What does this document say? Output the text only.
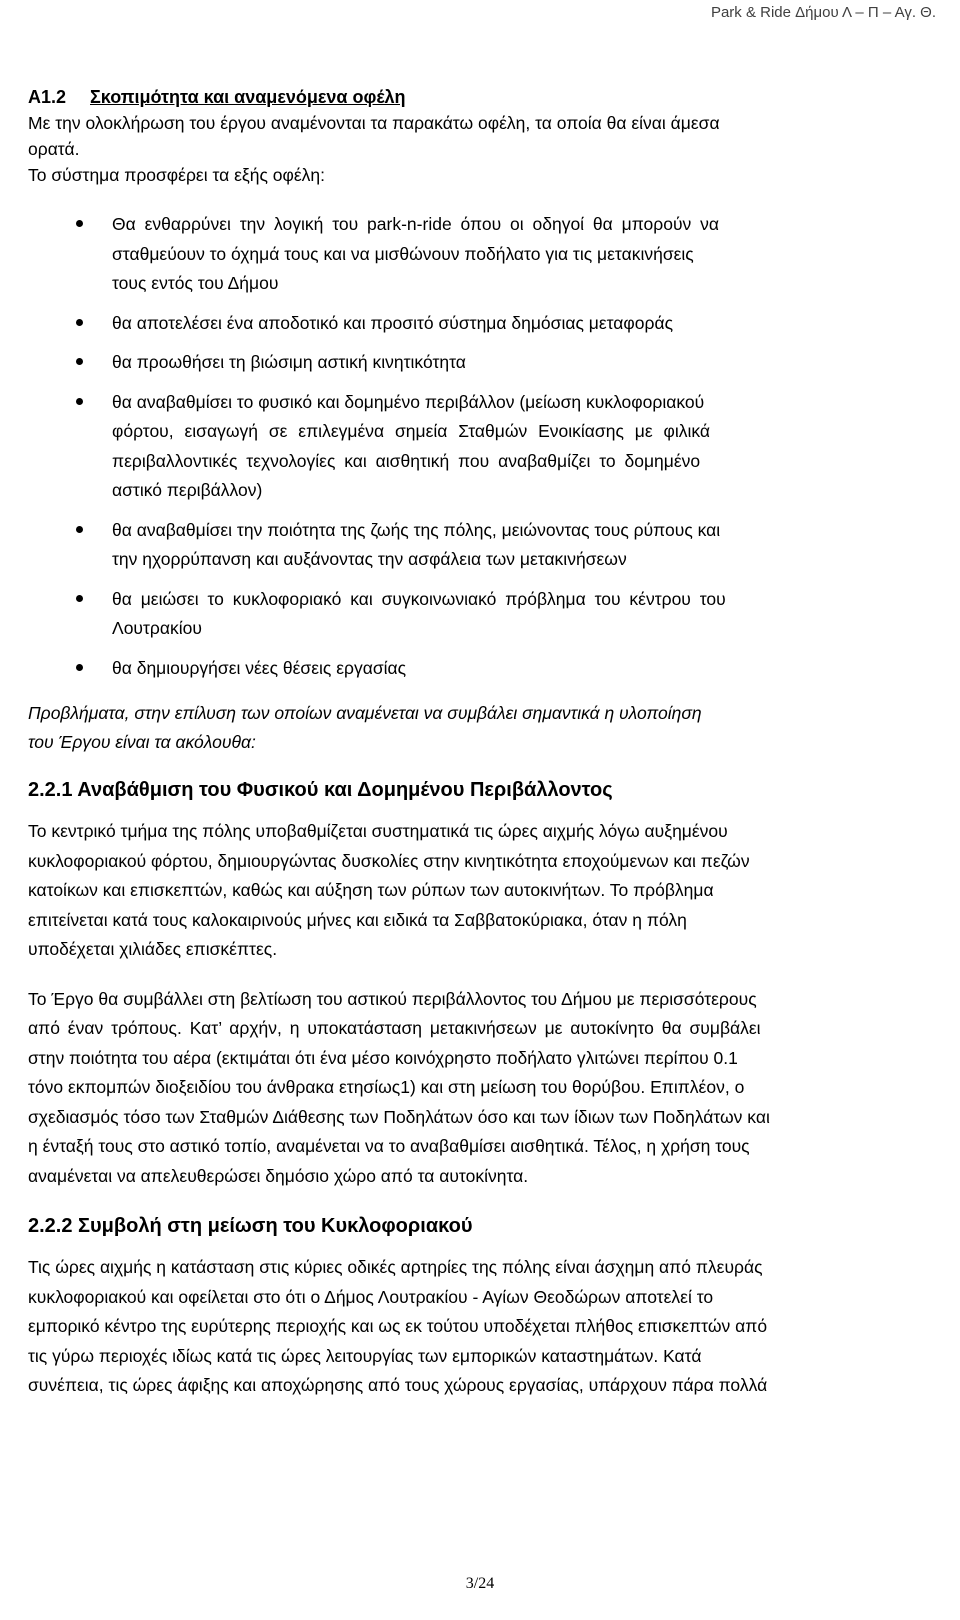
Park & Ride Δήμου Λ – Π – Αγ. Θ.

Α1.2 Σκοπιμότητα και αναμενόμενα οφέλη

Με την ολοκλήρωση του έργου αναμένονται τα παρακάτω οφέλη, τα οποία θα είναι άμεσα

ορατά.

Το σύστημα προσφέρει τα εξής οφέλη:

Θα ενθαρρύνει την λογική του park-n-ride όπου οι οδηγοί θα μπορούν να

σταθμεύουν το όχημά τους και να μισθώνουν ποδήλατο για τις μετακινήσεις

τους εντός του Δήμου

θα αποτελέσει ένα αποδοτικό και προσιτό σύστημα δημόσιας μεταφοράς

θα προωθήσει τη βιώσιμη αστική κινητικότητα

θα αναβαθμίσει το φυσικό και δομημένο περιβάλλον (μείωση κυκλοφοριακού

φόρτου, εισαγωγή σε επιλεγμένα σημεία Σταθμών Ενοικίασης με φιλικά

περιβαλλοντικές τεχνολογίες και αισθητική που αναβαθμίζει το δομημένο

αστικό περιβάλλον)

θα αναβαθμίσει την ποιότητα της ζωής της πόλης, μειώνοντας τους ρύπους και

την ηχορρύπανση και αυξάνοντας την ασφάλεια των μετακινήσεων

θα μειώσει το κυκλοφοριακό και συγκοινωνιακό πρόβλημα του κέντρου του

Λουτρακίου

θα δημιουργήσει νέες θέσεις εργασίας

Προβλήματα, στην επίλυση των οποίων αναμένεται να συμβάλει σημαντικά η υλοποίηση

του Έργου είναι τα ακόλουθα:

2.2.1 Αναβάθμιση του Φυσικού και Δομημένου Περιβάλλοντος

Το κεντρικό τμήμα της πόλης υποβαθμίζεται συστηματικά τις ώρες αιχμής λόγω αυξημένου

κυκλοφοριακού φόρτου, δημιουργώντας δυσκολίες στην κινητικότητα εποχούμενων και πεζών

κατοίκων και επισκεπτών, καθώς και αύξηση των ρύπων των αυτοκινήτων. Το πρόβλημα

επιτείνεται κατά τους καλοκαιρινούς μήνες και ειδικά τα Σαββατοκύριακα, όταν η πόλη

υποδέχεται χιλιάδες επισκέπτες.

Το Έργο θα συμβάλλει στη βελτίωση του αστικού περιβάλλοντος του Δήμου με περισσότερους

από έναν τρόπους. Κατ’ αρχήν, η υποκατάσταση μετακινήσεων με αυτοκίνητο θα συμβάλει

στην ποιότητα του αέρα (εκτιμάται ότι ένα μέσο κοινόχρηστο ποδήλατο γλιτώνει περίπου 0.1

τόνο εκπομπών διοξειδίου του άνθρακα ετησίως1) και στη μείωση του θορύβου. Επιπλέον, ο

σχεδιασμός τόσο των Σταθμών Διάθεσης των Ποδηλάτων όσο και των ίδιων των Ποδηλάτων και

η ένταξή τους στο αστικό τοπίο, αναμένεται να το αναβαθμίσει αισθητικά. Τέλος, η χρήση τους

αναμένεται να απελευθερώσει δημόσιο χώρο από τα αυτοκίνητα.

2.2.2 Συμβολή στη μείωση του Κυκλοφοριακού

Τις ώρες αιχμής η κατάσταση στις κύριες οδικές αρτηρίες της πόλης είναι άσχημη από πλευράς

κυκλοφοριακού και οφείλεται στο ότι ο Δήμος Λουτρακίου - Αγίων Θεοδώρων αποτελεί το

εμπορικό κέντρο της ευρύτερης περιοχής και ως εκ τούτου υποδέχεται πλήθος επισκεπτών από

τις γύρω περιοχές ιδίως κατά τις ώρες λειτουργίας των εμπορικών καταστημάτων. Κατά

συνέπεια, τις ώρες άφιξης και αποχώρησης από τους χώρους εργασίας, υπάρχουν πάρα πολλά

3/24
